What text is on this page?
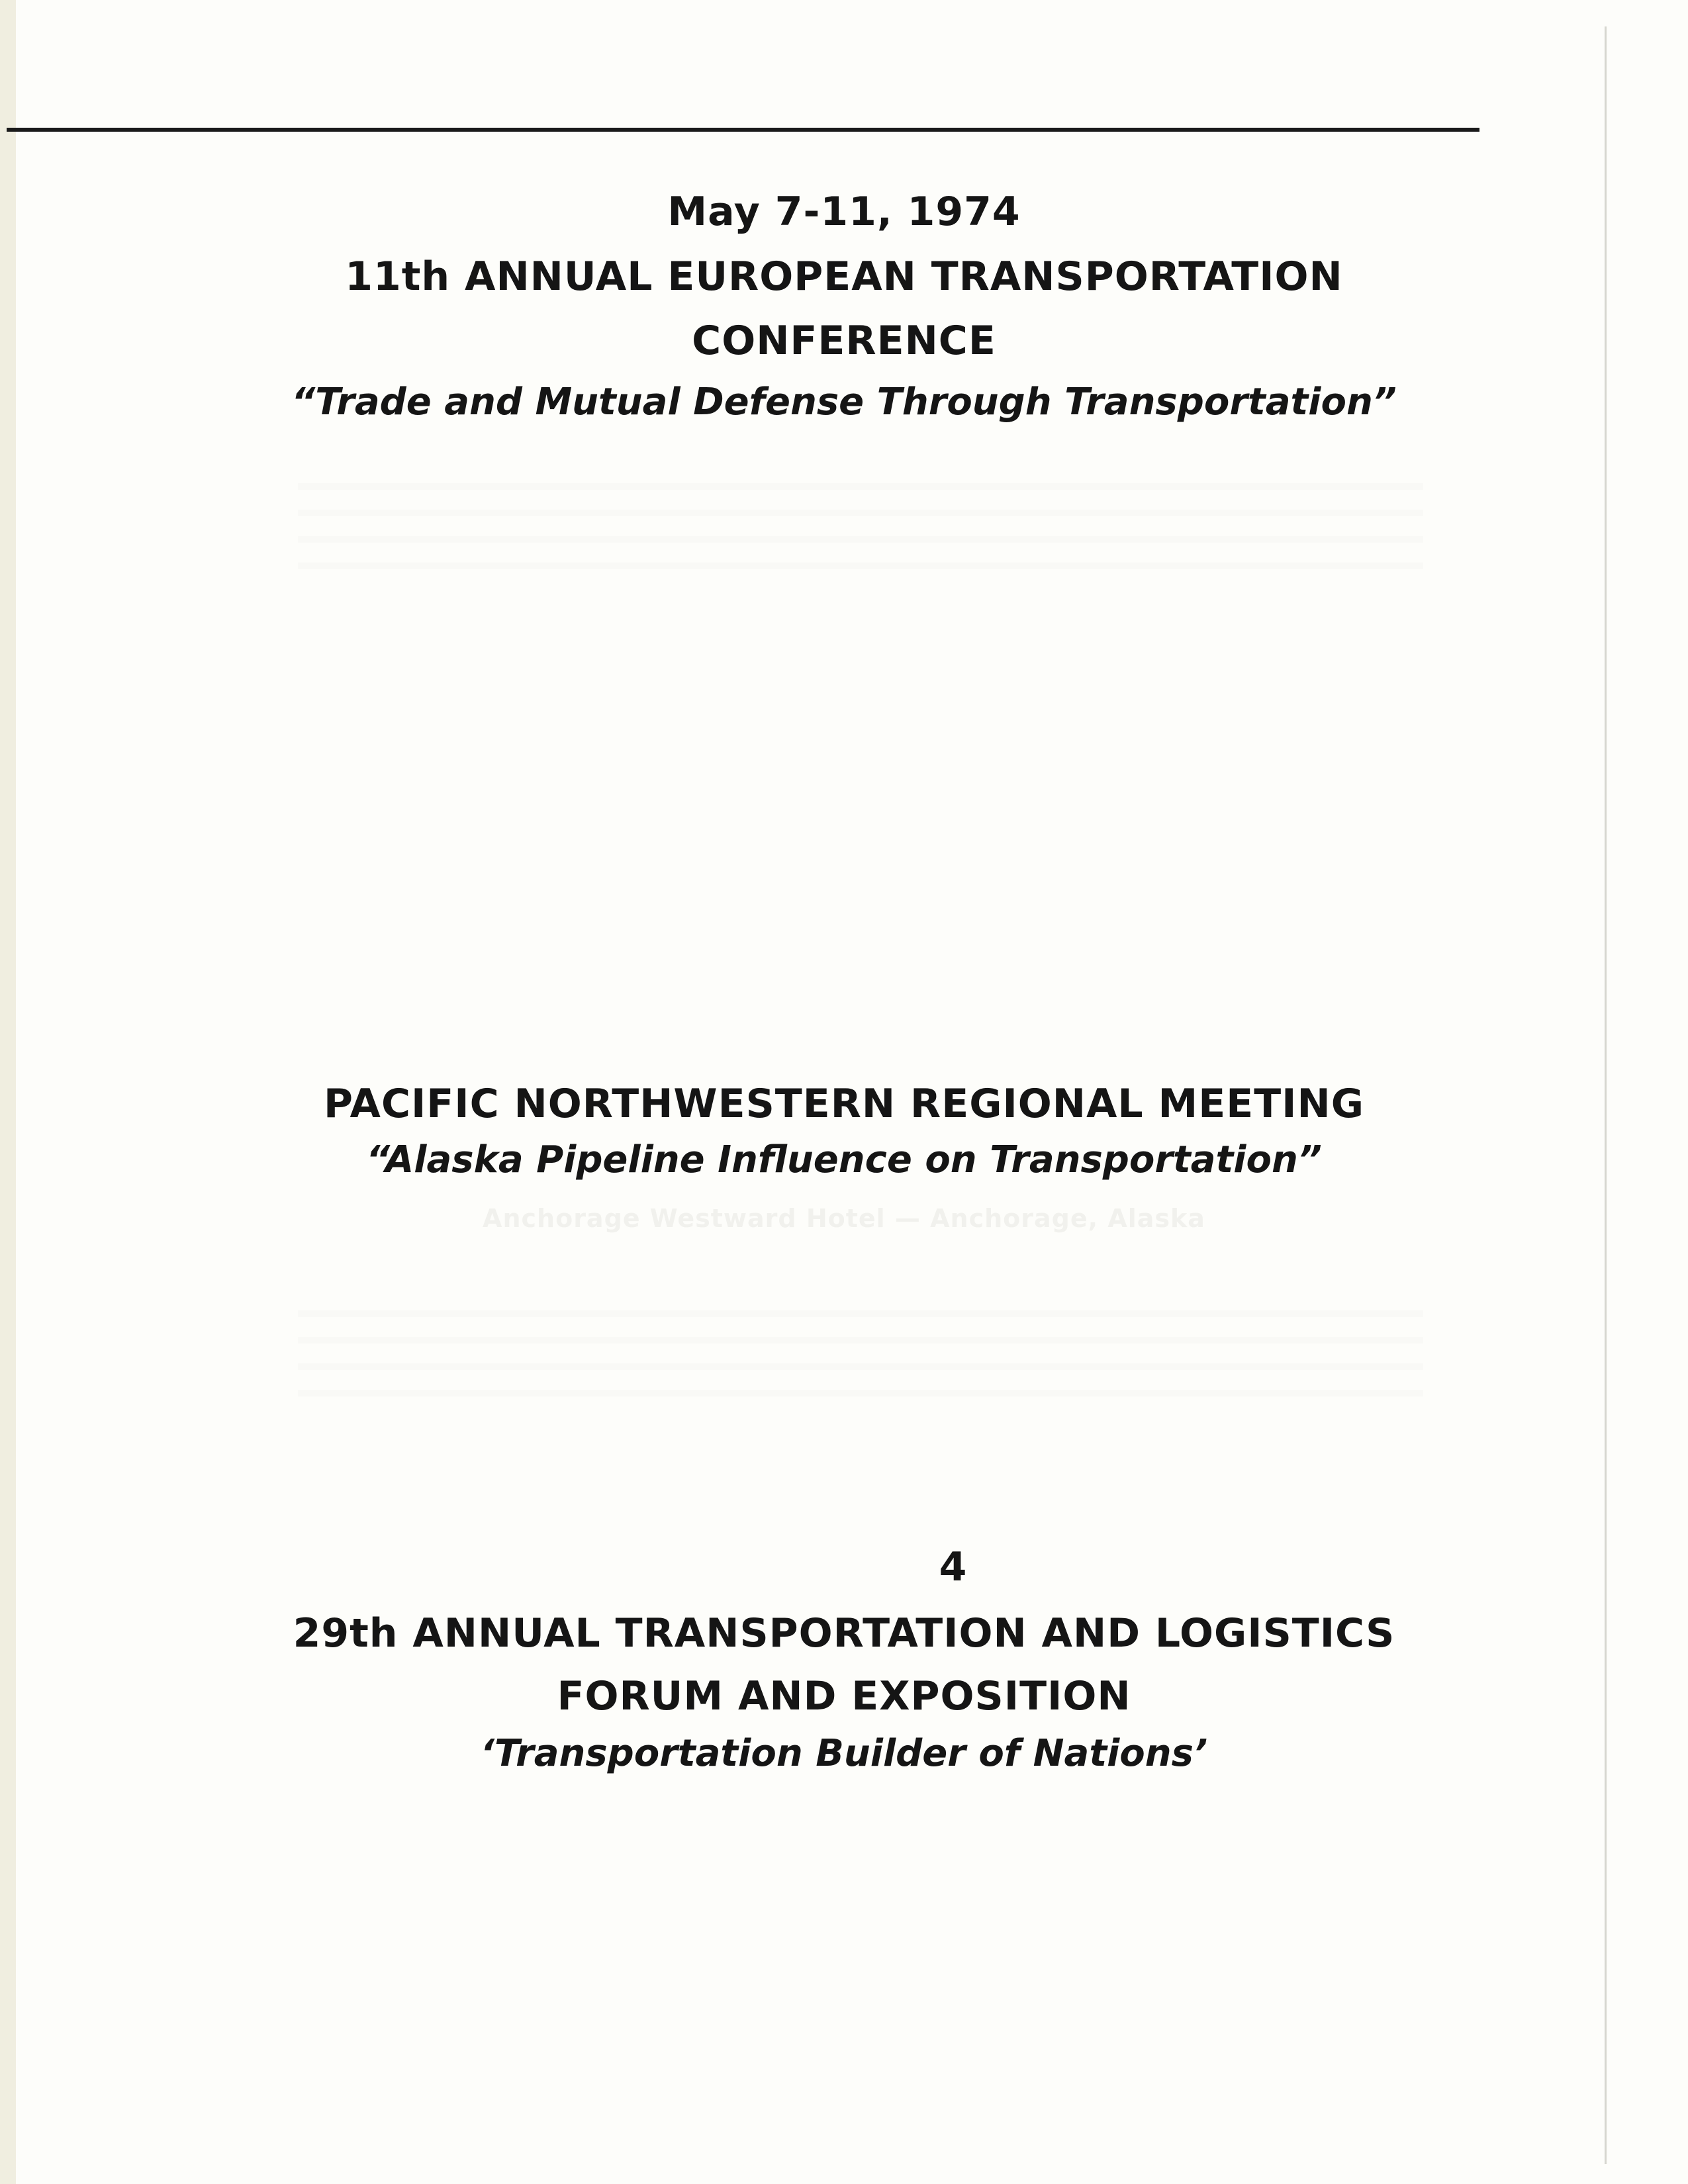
May 7-11, 1974
11th ANNUAL EUROPEAN TRANSPORTATION
CONFERENCE
“Trade and Mutual Defense Through Transportation”
PACIFIC NORTHWESTERN REGIONAL MEETING
“Alaska Pipeline Influence on Transportation”
Anchorage Westward Hotel — Anchorage, Alaska
4
29th ANNUAL TRANSPORTATION AND LOGISTICS
FORUM AND EXPOSITION
‘Transportation Builder of Nations’
